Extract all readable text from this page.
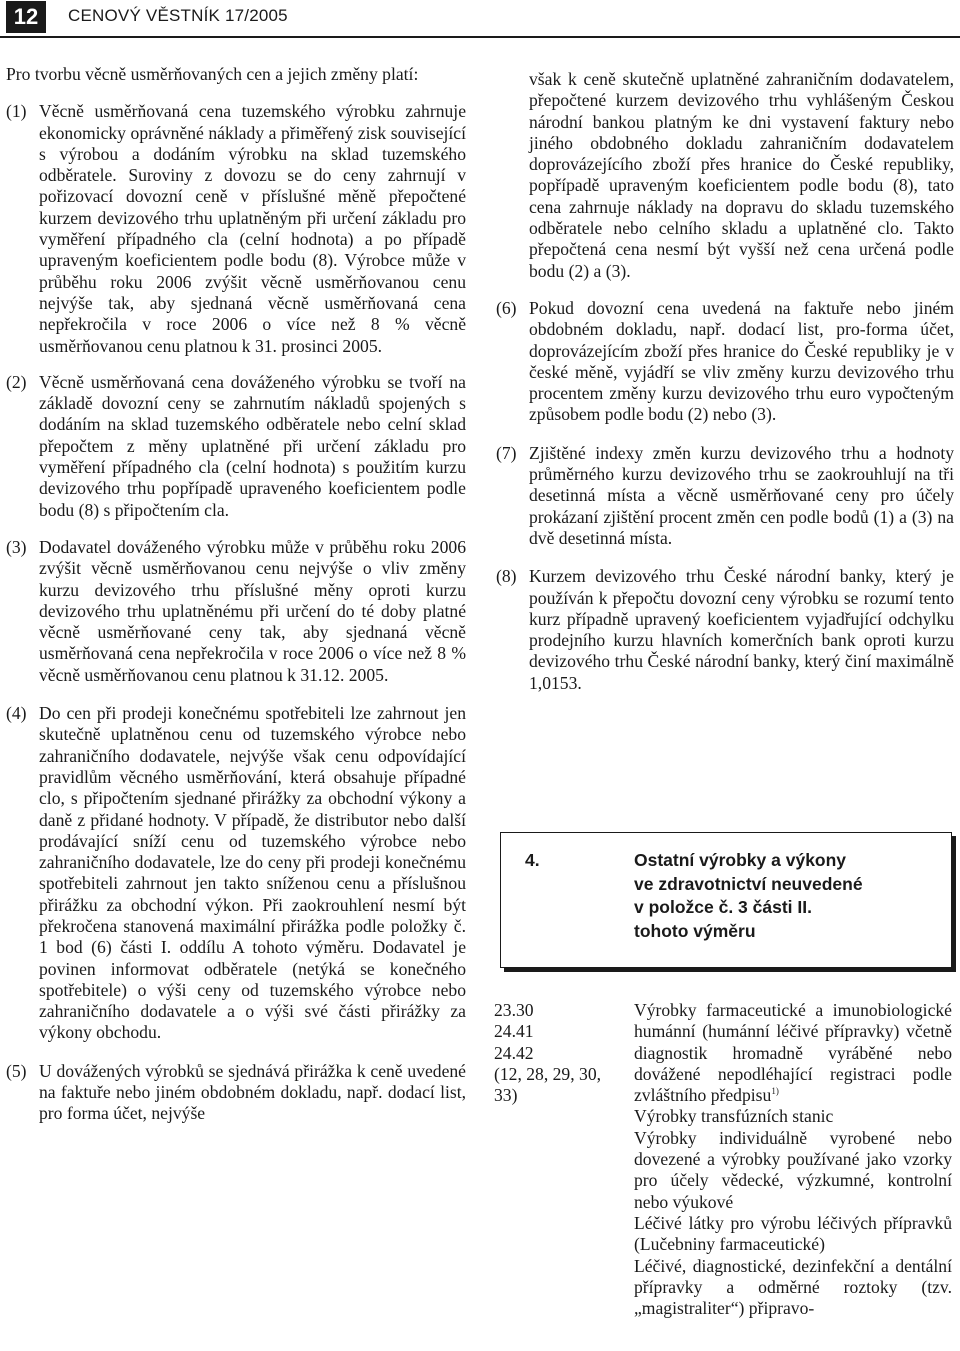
12	CENOVÝ VĚSTNÍK 17/2005

Pro tvorbu věcně usměrňovaných cen a jejich změny platí:

(1) Věcně usměrňovaná cena tuzemského výrobku zahrnuje ekonomicky oprávněné náklady a přiměřený zisk související s výrobou a dodáním výrobku na sklad tuzemského odběratele. Suroviny z dovozu se do ceny zahrnují v pořizovací dovozní ceně v příslušné měně přepočtené kurzem devizového trhu uplatněným při určení základu pro vyměření případného cla (celní hodnota) a po případě upraveným koeficientem podle bodu (8). Výrobce může v průběhu roku 2006 zvýšit věcně usměrňovanou cenu nejvýše tak, aby sjednaná věcně usměrňovaná cena nepřekročila v roce 2006 o více než 8 % věcně usměrňovanou cenu platnou k 31. prosinci 2005.

(2) Věcně usměrňovaná cena dováženého výrobku se tvoří na základě dovozní ceny se zahrnutím nákladů spojených s dodáním na sklad tuzemského odběratele nebo celní sklad přepočtem z měny uplatněné při určení základu pro vyměření případného cla (celní hodnota) s použitím kurzu devizového trhu popřípadě upraveného koeficientem podle bodu (8) s připočtením cla.

(3) Dodavatel dováženého výrobku může v průběhu roku 2006 zvýšit věcně usměrňovanou cenu nejvýše o vliv změny kurzu devizového trhu příslušné měny oproti kurzu devizového trhu uplatněnému při určení do té doby platné věcně usměrňované ceny tak, aby sjednaná věcně usměrňovaná cena nepřekročila v roce 2006 o více než 8 % věcně usměrňovanou cenu platnou k 31.12. 2005.

(4) Do cen při prodeji konečnému spotřebiteli lze zahrnout jen skutečně uplatněnou cenu od tuzemského výrobce nebo zahraničního dodavatele, nejvýše však cenu odpovídající pravidlům věcného usměrňování, která obsahuje případné clo, s připočtením sjednané přirážky za obchodní výkony a daně z přidané hodnoty. V případě, že distributor nebo další prodávající sníží cenu od tuzemského výrobce nebo zahraničního dodavatele, lze do ceny při prodeji konečnému spotřebiteli zahrnout jen takto sníženou cenu a příslušnou přirážku za obchodní výkon. Při zaokrouhlení nesmí být překročena stanovená maximální přirážka podle položky č. 1 bod (6) části I. oddílu A tohoto výměru. Dodavatel je povinen informovat odběratele (netýká se konečného spotřebitele) o výši ceny od tuzemského výrobce nebo zahraničního dodavatele a o výši své části přirážky za výkony obchodu.

(5) U dovážených výrobků se sjednává přirážka k ceně uvedené na faktuře nebo jiném obdobném dokladu, např. dodací list, pro forma účet, nejvýše

však k ceně skutečně uplatněné zahraničním dodavatelem, přepočtené kurzem devizového trhu vyhlášeným Českou národní bankou platným ke dni vystavení faktury nebo jiného obdobného dokladu zahraničním dodavatelem doprovázejícího zboží přes hranice do České republiky, popřípadě upraveným koeficientem podle bodu (8), tato cena zahrnuje náklady na dopravu do skladu tuzemského odběratele nebo celního skladu a uplatněné clo. Takto přepočtená cena nesmí být vyšší než cena určená podle bodu (2) a (3).

(6) Pokud dovozní cena uvedená na faktuře nebo jiném obdobném dokladu, např. dodací list, pro-forma účet, doprovázejícím zboží přes hranice do České republiky je v české měně, vyjádří se vliv změny kurzu devizového trhu procentem změny kurzu devizového trhu euro vypočteným způsobem podle bodu (2) nebo (3).

(7) Zjištěné indexy změn kurzu devizového trhu a hodnoty průměrného kurzu devizového trhu se zaokrouhlují na tři desetinná místa a věcně usměrňované ceny pro účely prokázaní zjištění procent změn cen podle bodů (1) a (3) na dvě desetinná místa.

(8) Kurzem devizového trhu České národní banky, který je používán k přepočtu dovozní ceny výrobku se rozumí tento kurz případně upravený koeficientem vyjadřující odchylku prodejního kurzu hlavních komerčních bank oproti kurzu devizového trhu České národní banky, který činí maximálně 1,0153.

4.	Ostatní výrobky a výkony
ve zdravotnictví neuvedené
v položce č. 3 části II.
tohoto výměru
23.30
24.41
24.42
(12, 28, 29, 30,
33)

Výrobky farmaceutické a imunobiologické humánní (humánní léčivé přípravky) včetně diagnostik hromadně vyráběné nebo dovážené nepodléhající registraci podle zvláštního předpisu$^{1)}$

Výrobky transfúzních stanic

Výrobky individuálně vyrobené nebo dovezené a výrobky používané jako vzorky pro účely vědecké, výzkumné, kontrolní nebo výukové

Léčivé látky pro výrobu léčivých přípravků (Lučebniny farmaceutické)

Léčivé, diagnostické, dezinfekční a dentální přípravky a odměrné roztoky (tzv. „magistraliter“) připravo-
